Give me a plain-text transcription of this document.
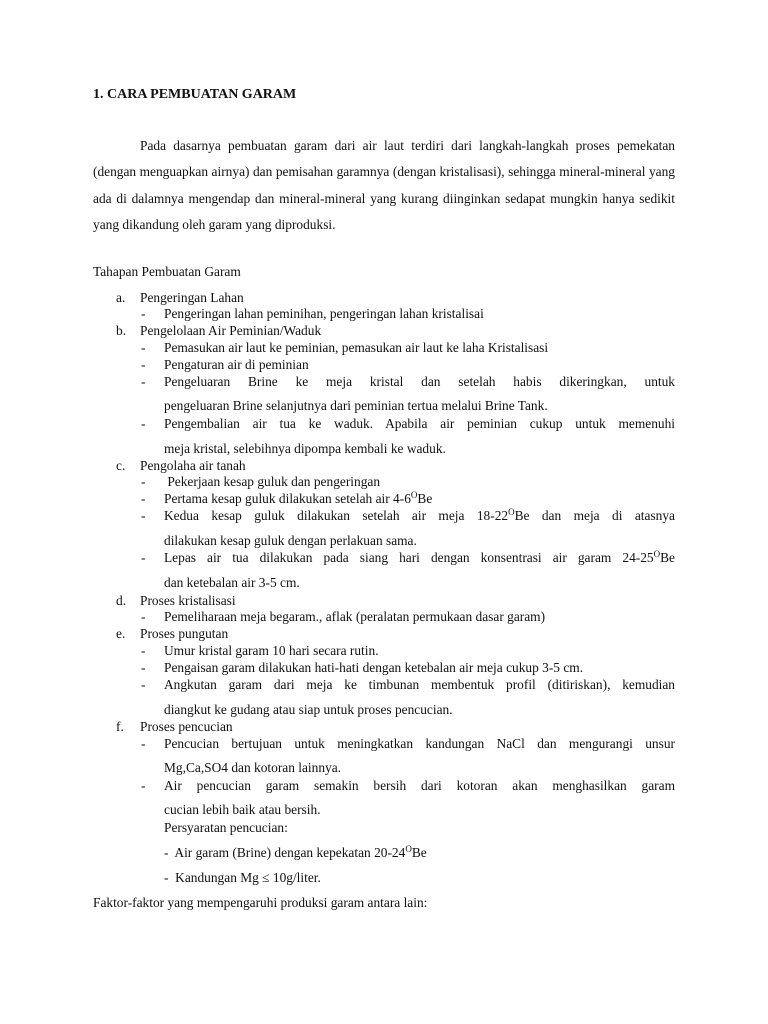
1. CARA PEMBUATAN GARAM

Pada dasarnya pembuatan garam dari air laut terdiri dari langkah-langkah proses pemekatan (dengan menguapkan airnya) dan pemisahan garamnya (dengan kristalisasi), sehingga mineral-mineral yang ada di dalamnya mengendap dan mineral-mineral yang kurang diinginkan sedapat mungkin hanya sedikit yang dikandung oleh garam yang diproduksi.

Tahapan Pembuatan Garam
a. Pengeringan Lahan
- Pengeringan lahan peminihan, pengeringan lahan kristalisai
b. Pengelolaan Air Peminian/Waduk
- Pemasukan air laut ke peminian, pemasukan air laut ke laha Kristalisasi
- Pengaturan air di peminian
- Pengeluaran Brine ke meja kristal dan setelah habis dikeringkan, untuk
pengeluaran Brine selanjutnya dari peminian tertua melalui Brine Tank.
- Pengembalian air tua ke waduk. Apabila air peminian cukup untuk memenuhi
meja kristal, selebihnya dipompa kembali ke waduk.
c. Pengolaha air tanah
- Pekerjaan kesap guluk dan pengeringan
- Pertama kesap guluk dilakukan setelah air $4-6^OBe$
- Kedua kesap guluk dilakukan setelah air meja $18-22^OBe$ dan meja di atasnya
dilakukan kesap guluk dengan perlakuan sama.
- Lepas air tua dilakukan pada siang hari dengan konsentrasi air garam $24-25^OBe$
dan ketebalan air 3-5 cm.
d. Proses kristalisasi
- Pemeliharaan meja begaram., aflak (peralatan permukaan dasar garam)
e. Proses pungutan
- Umur kristal garam 10 hari secara rutin.
- Pengaisan garam dilakukan hati-hati dengan ketebalan air meja cukup 3-5 cm.
- Angkutan garam dari meja ke timbunan membentuk profil (ditiriskan), kemudian
diangkut ke gudang atau siap untuk proses pencucian.
f. Proses pencucian
- Pencucian bertujuan untuk meningkatkan kandungan NaCl dan mengurangi unsur
Mg,Ca,SO4 dan kotoran lainnya.
- Air pencucian garam semakin bersih dari kotoran akan menghasilkan garam
cucian lebih baik atau bersih.
Persyaratan pencucian:
-  Air garam (Brine) dengan kepekatan $20-24^OBe$
-  Kandungan Mg ≤ 10g/liter.
Faktor-faktor yang mempengaruhi produksi garam antara lain:
